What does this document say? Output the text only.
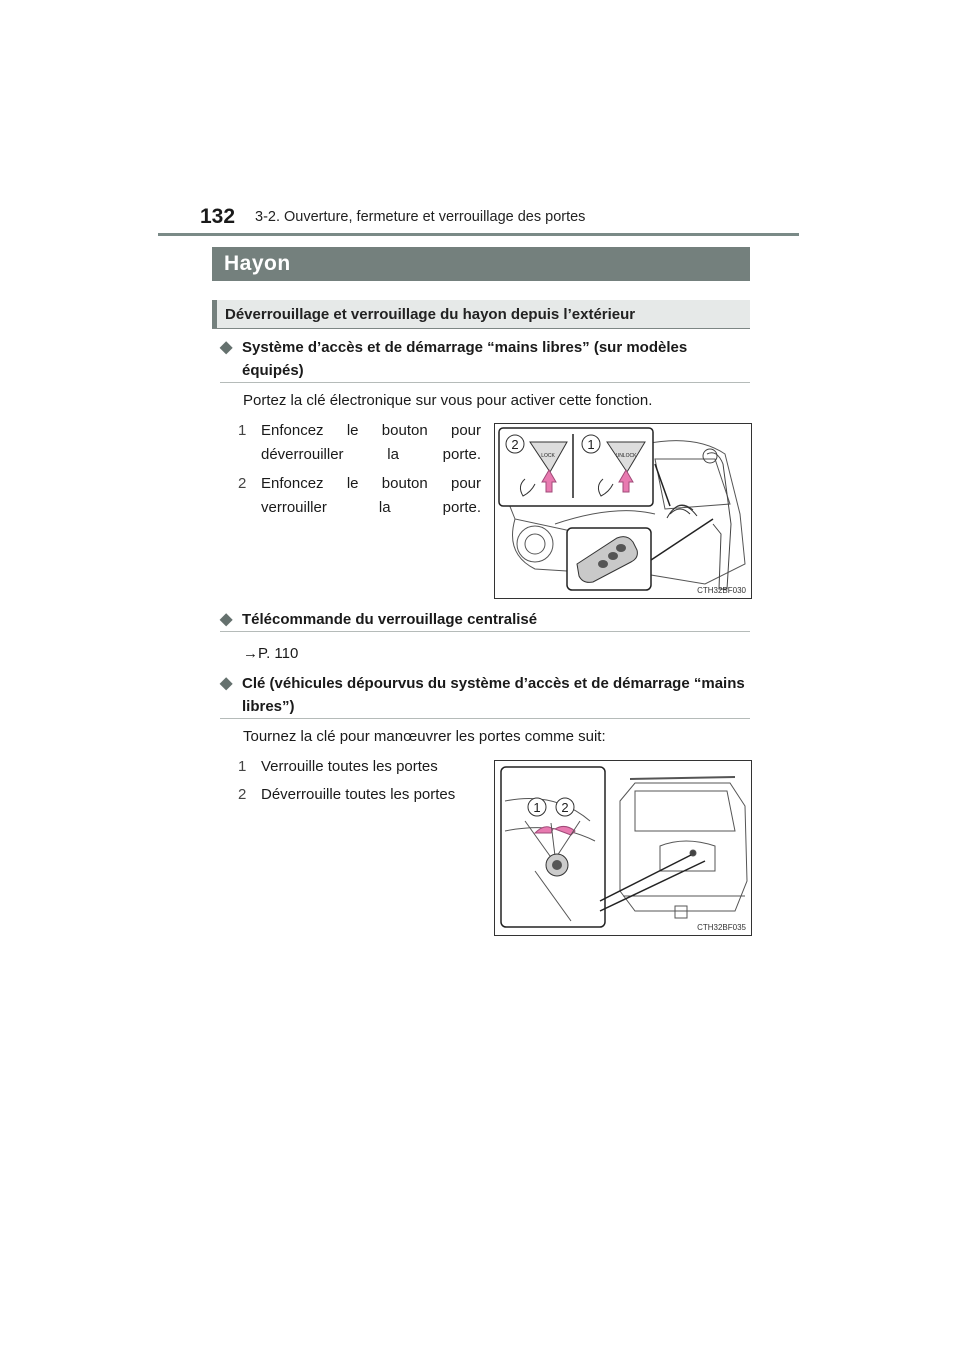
132 3-2. Ouverture, fermeture et verrouillage des portes
Hayon
Déverrouillage et verrouillage du hayon depuis l’extérieur
◆ Système d’accès et de démarrage “mains libres” (sur modèles équipés)
Portez la clé électronique sur vous pour activer cette fonction.
1 Enfoncez le bouton pour déverrouiller la porte.
2 Enfoncez le bouton pour verrouiller la porte.
2	1
LOCK	UNLOCK
CTH32BF030
◆ Télécommande du verrouillage centralisé
→P. 110
◆ Clé (véhicules dépourvus du système d’accès et de démarrage “mains libres”)
Tournez la clé pour manœuvrer les portes comme suit:
1 Verrouille toutes les portes
2 Déverrouille toutes les portes
1 2
CTH32BF035
